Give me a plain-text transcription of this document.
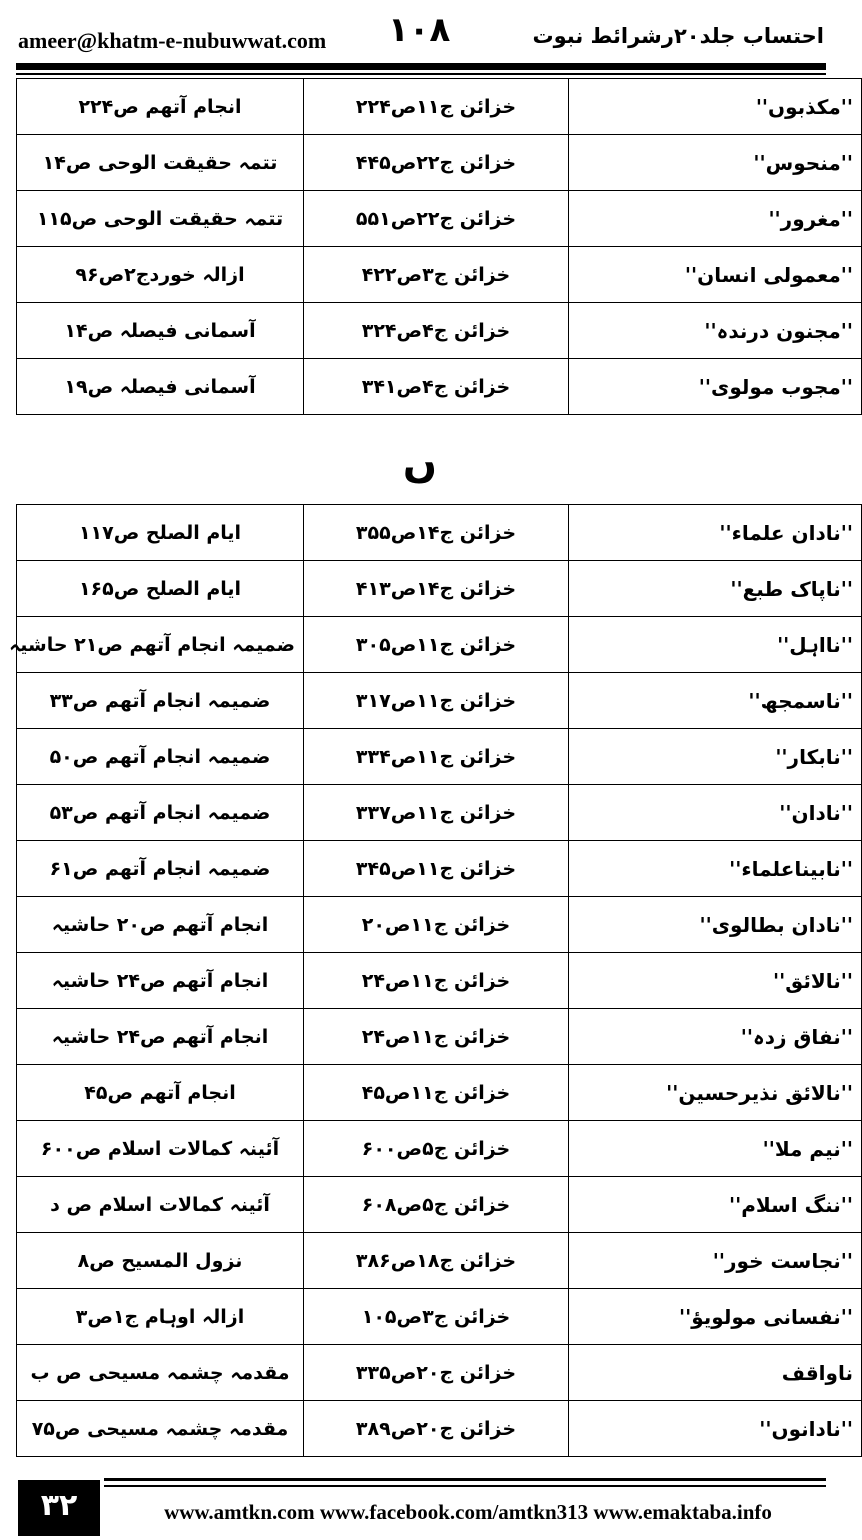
ameer@khatm-e-nubuwwat.com ١٠٨	احتساب جلد۲۰رشرائط نبوت
''مکذبوں''	خزائن ج۱۱ص۲۲۴	انجام آتھم ص۲۲۴
''منحوس''	خزائن ج۲۲ص۴۴۵	تتمہ حقیقت الوحی ص۱۴
''مغرور''	خزائن ج۲۲ص۵۵۱	تتمہ حقیقت الوحی ص۱۱۵
''معمولی انسان''	خزائن ج۳ص۴۲۲	ازالہ خوردج۲ص۹۶
''مجنون درندہ''	خزائن ج۴ص۳۲۴	آسمانی فیصلہ ص۱۴
''مجوب مولوی''	خزائن ج۴ص۳۴۱	آسمانی فیصلہ ص۱۹
ں
''نادان علماء''	خزائن ج۱۴ص۳۵۵	ایام الصلح ص۱۱۷
''ناپاک طبع''	خزائن ج۱۴ص۴۱۳	ایام الصلح ص۱۶۵
''نااہل''	خزائن ج۱۱ص۳۰۵	ضمیمہ انجام آتھم ص۲۱ حاشیہ
''ناسمجھ''	خزائن ج۱۱ص۳۱۷	ضمیمہ انجام آتھم ص۳۳
''نابکار''	خزائن ج۱۱ص۳۳۴	ضمیمہ انجام آتھم ص۵۰
''نادان''	خزائن ج۱۱ص۳۳۷	ضمیمہ انجام آتھم ص۵۳
''نابیناعلماء''	خزائن ج۱۱ص۳۴۵	ضمیمہ انجام آتھم ص۶۱
''نادان بطالوی''	خزائن ج۱۱ص۲۰	انجام آتھم ص۲۰ حاشیہ
''نالائق''	خزائن ج۱۱ص۲۴	انجام آتھم ص۲۴ حاشیہ
''نفاق زدہ''	خزائن ج۱۱ص۲۴	انجام آتھم ص۲۴ حاشیہ
''نالائق نذیرحسین''	خزائن ج۱۱ص۴۵	انجام آتھم ص۴۵
''نیم ملا''	خزائن ج۵ص۶۰۰	آئینہ کمالات اسلام ص۶۰۰
''ننگ اسلام''	خزائن ج۵ص۶۰۸	آئینہ کمالات اسلام ص د
''نجاست خور''	خزائن ج۱۸ص۳۸۶	نزول المسیح ص۸
''نفسانی مولویؤ''	خزائن ج۳ص۱۰۵	ازالہ اوہام ج۱ص۳
ناواقف	خزائن ج۲۰ص۳۳۵	مقدمہ چشمہ مسیحی ص ب
''نادانوں''	خزائن ج۲۰ص۳۸۹	مقدمہ چشمہ مسیحی ص۷۵
۳۲	www.amtkn.com www.facebook.com/amtkn313 www.emaktaba.info
